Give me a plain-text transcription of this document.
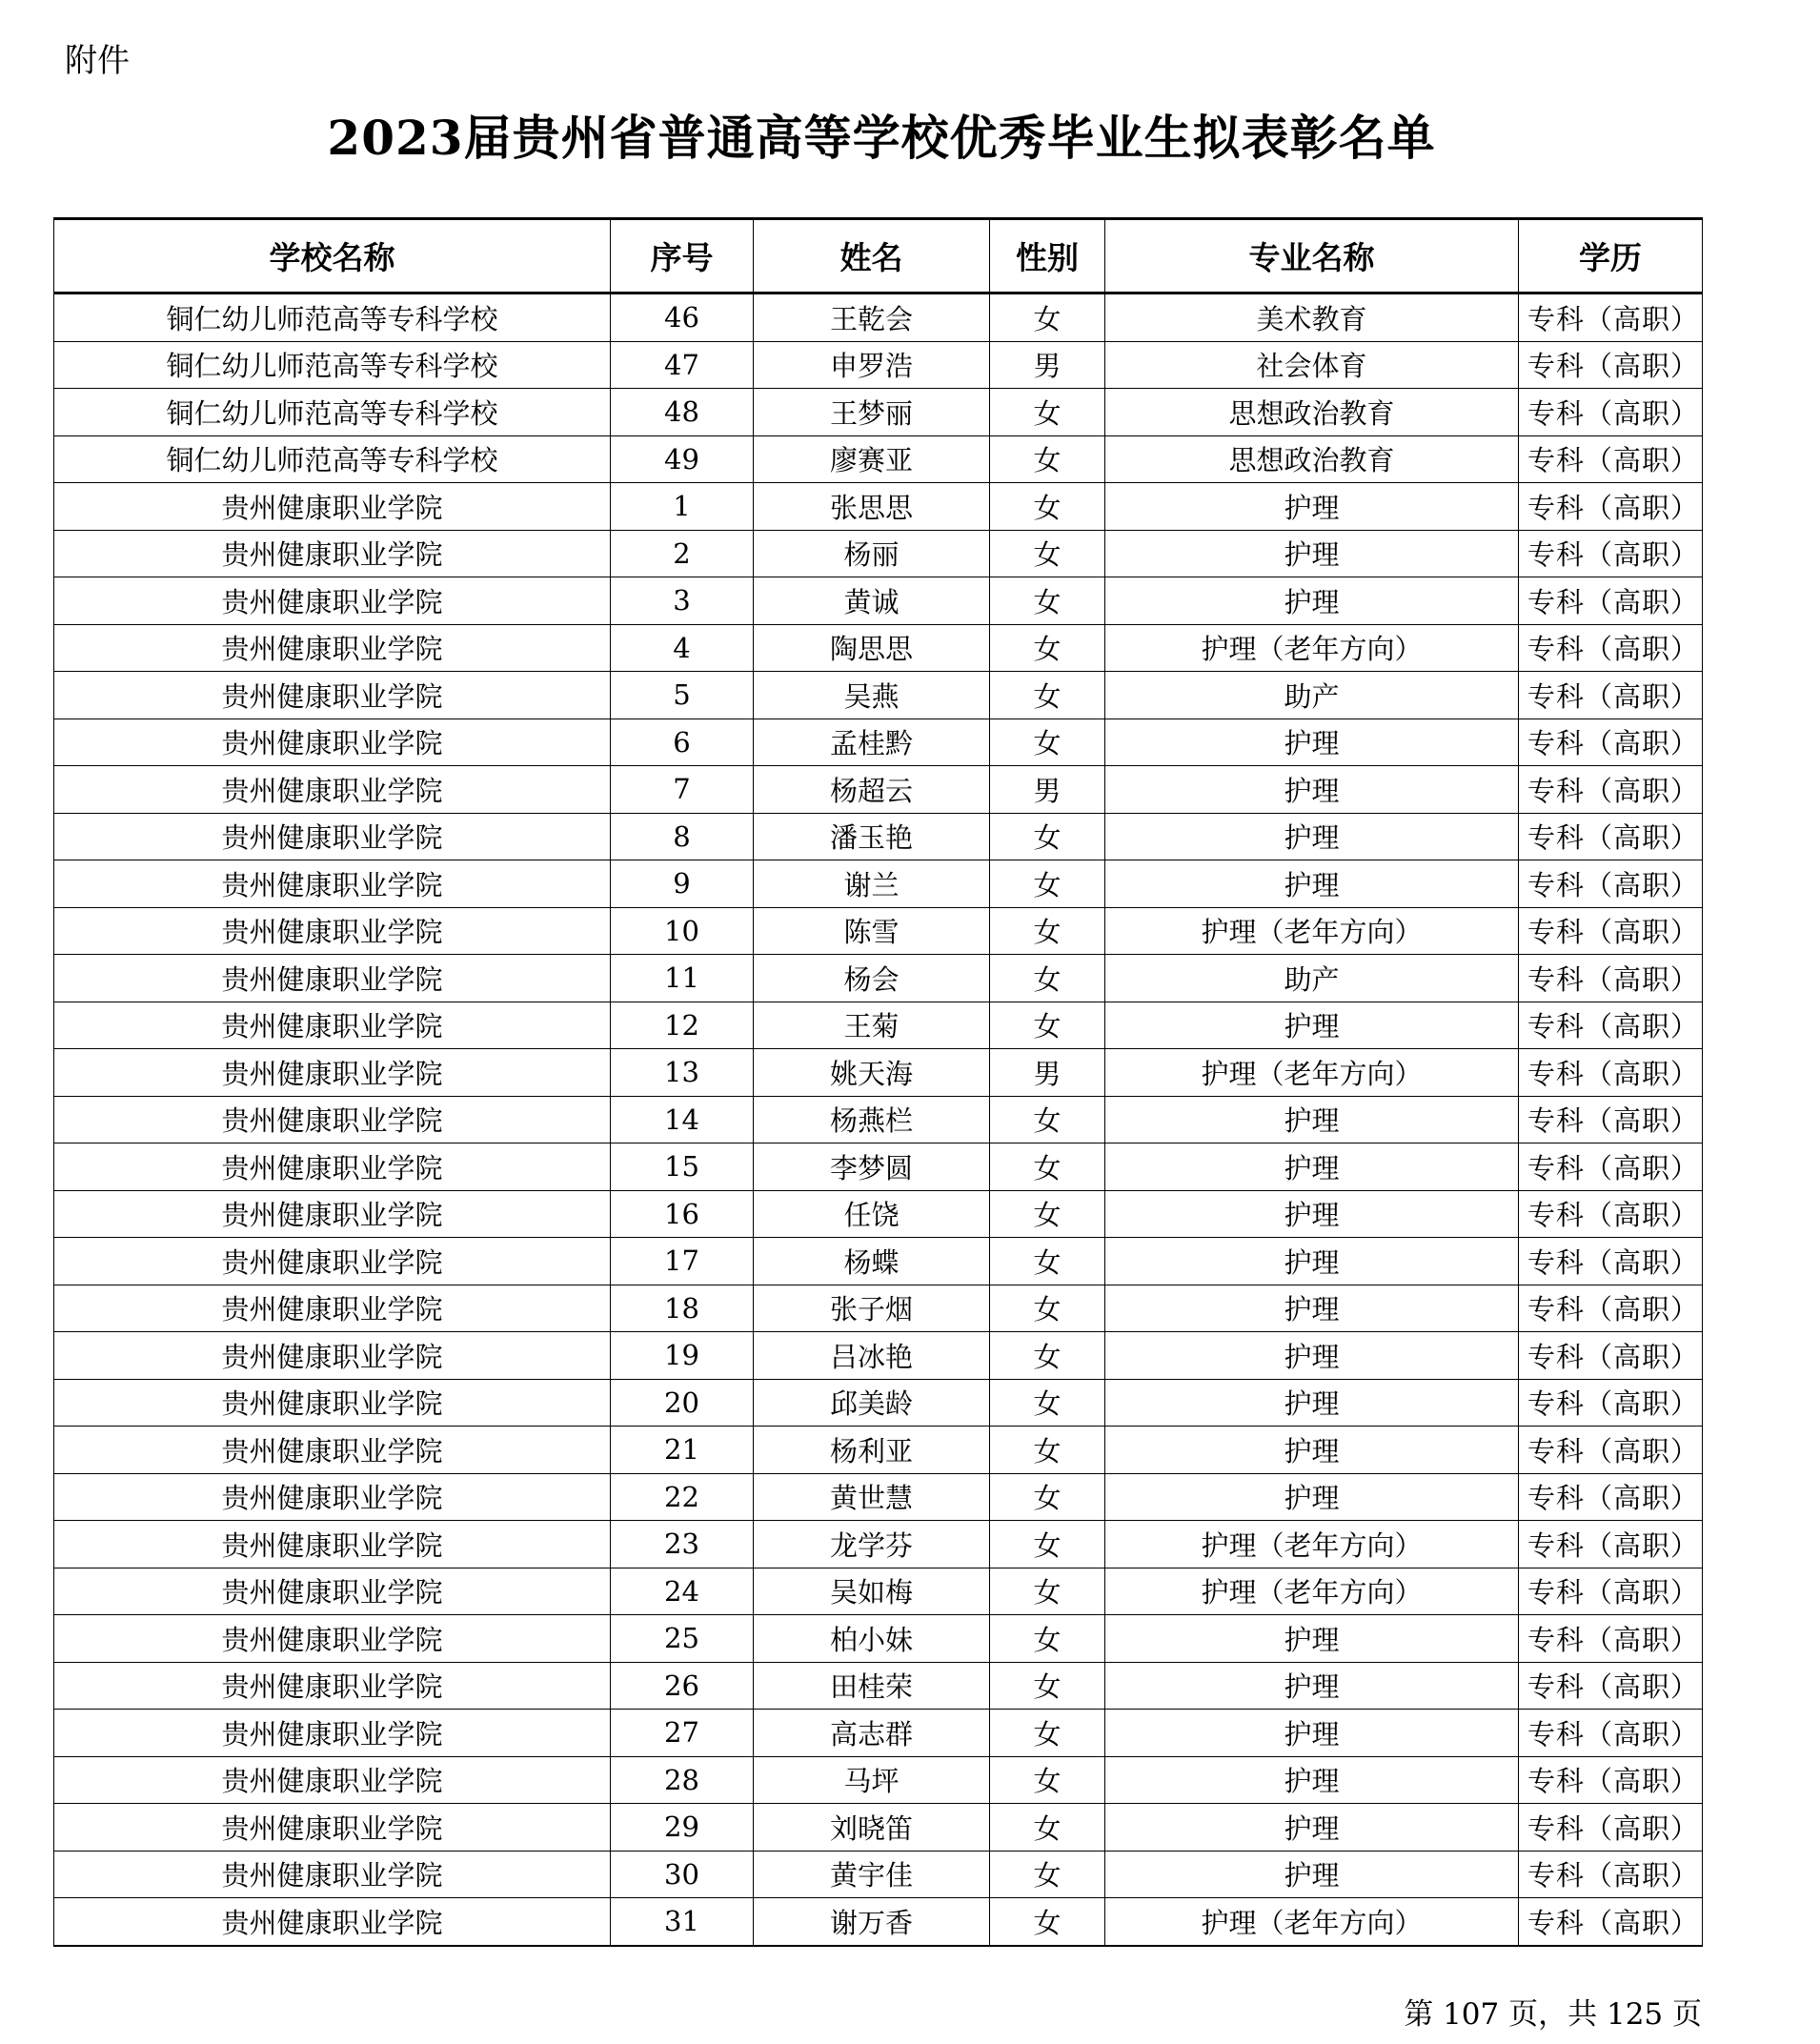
附件
2023届贵州省普通高等学校优秀毕业生拟表彰名单
学校名称	序号	姓名	性别	专业名称	学历
铜仁幼儿师范高等专科学校	46	王乾会	女	美术教育	专科（高职）
铜仁幼儿师范高等专科学校	47	申罗浩	男	社会体育	专科（高职）
铜仁幼儿师范高等专科学校	48	王梦丽	女	思想政治教育	专科（高职）
铜仁幼儿师范高等专科学校	49	廖赛亚	女	思想政治教育	专科（高职）
贵州健康职业学院	1	张思思	女	护理	专科（高职）
贵州健康职业学院	2	杨丽	女	护理	专科（高职）
贵州健康职业学院	3	黄诚	女	护理	专科（高职）
贵州健康职业学院	4	陶思思	女	护理（老年方向）	专科（高职）
贵州健康职业学院	5	吴燕	女	助产	专科（高职）
贵州健康职业学院	6	孟桂黔	女	护理	专科（高职）
贵州健康职业学院	7	杨超云	男	护理	专科（高职）
贵州健康职业学院	8	潘玉艳	女	护理	专科（高职）
贵州健康职业学院	9	谢兰	女	护理	专科（高职）
贵州健康职业学院	10	陈雪	女	护理（老年方向）	专科（高职）
贵州健康职业学院	11	杨会	女	助产	专科（高职）
贵州健康职业学院	12	王菊	女	护理	专科（高职）
贵州健康职业学院	13	姚天海	男	护理（老年方向）	专科（高职）
贵州健康职业学院	14	杨燕栏	女	护理	专科（高职）
贵州健康职业学院	15	李梦圆	女	护理	专科（高职）
贵州健康职业学院	16	任饶	女	护理	专科（高职）
贵州健康职业学院	17	杨蝶	女	护理	专科（高职）
贵州健康职业学院	18	张子烟	女	护理	专科（高职）
贵州健康职业学院	19	吕冰艳	女	护理	专科（高职）
贵州健康职业学院	20	邱美龄	女	护理	专科（高职）
贵州健康职业学院	21	杨利亚	女	护理	专科（高职）
贵州健康职业学院	22	黄世慧	女	护理	专科（高职）
贵州健康职业学院	23	龙学芬	女	护理（老年方向）	专科（高职）
贵州健康职业学院	24	吴如梅	女	护理（老年方向）	专科（高职）
贵州健康职业学院	25	柏小妹	女	护理	专科（高职）
贵州健康职业学院	26	田桂荣	女	护理	专科（高职）
贵州健康职业学院	27	高志群	女	护理	专科（高职）
贵州健康职业学院	28	马坪	女	护理	专科（高职）
贵州健康职业学院	29	刘晓笛	女	护理	专科（高职）
贵州健康职业学院	30	黄宇佳	女	护理	专科（高职）
贵州健康职业学院	31	谢万香	女	护理（老年方向）	专科（高职）
第 107 页，共 125 页
